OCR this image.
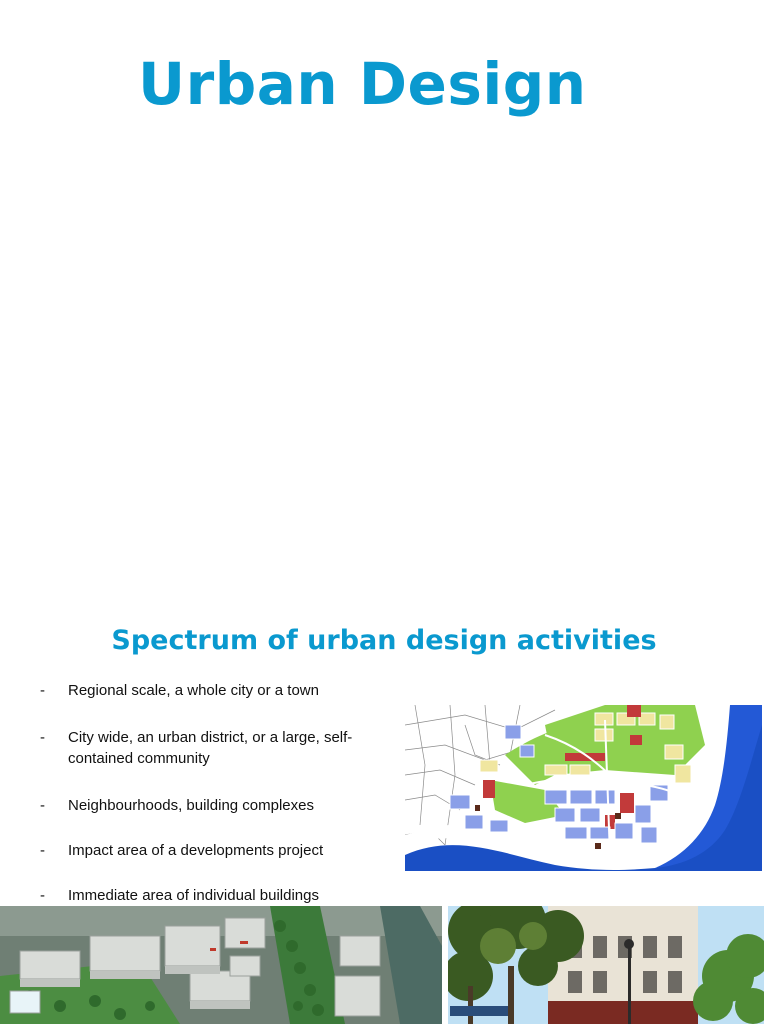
Urban Design
Spectrum of urban design activities
-	Regional scale, a whole city or a town
-	City wide, an urban district, or a large, self-contained community
-	Neighbourhoods, building complexes
-	Impact area of a developments project
-	Immediate area of individual buildings
